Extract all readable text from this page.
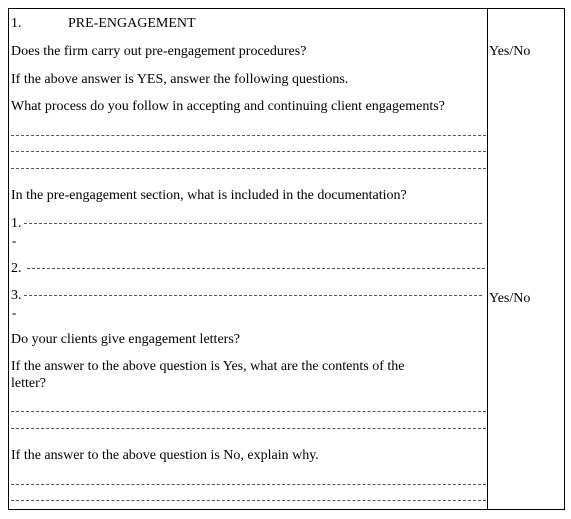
1.	PRE-ENGAGEMENT
Does the firm carry out pre-engagement procedures?	Yes/No
If the above answer is YES, answer the following questions.
What process do you follow in accepting and continuing client engagements?
In the pre-engagement section, what is included in the documentation?
1.
-
2.
3.
-
Yes/No
Do your clients give engagement letters?
If the answer to the above question is Yes, what are the contents of the
letter?
If the answer to the above question is No, explain why.
